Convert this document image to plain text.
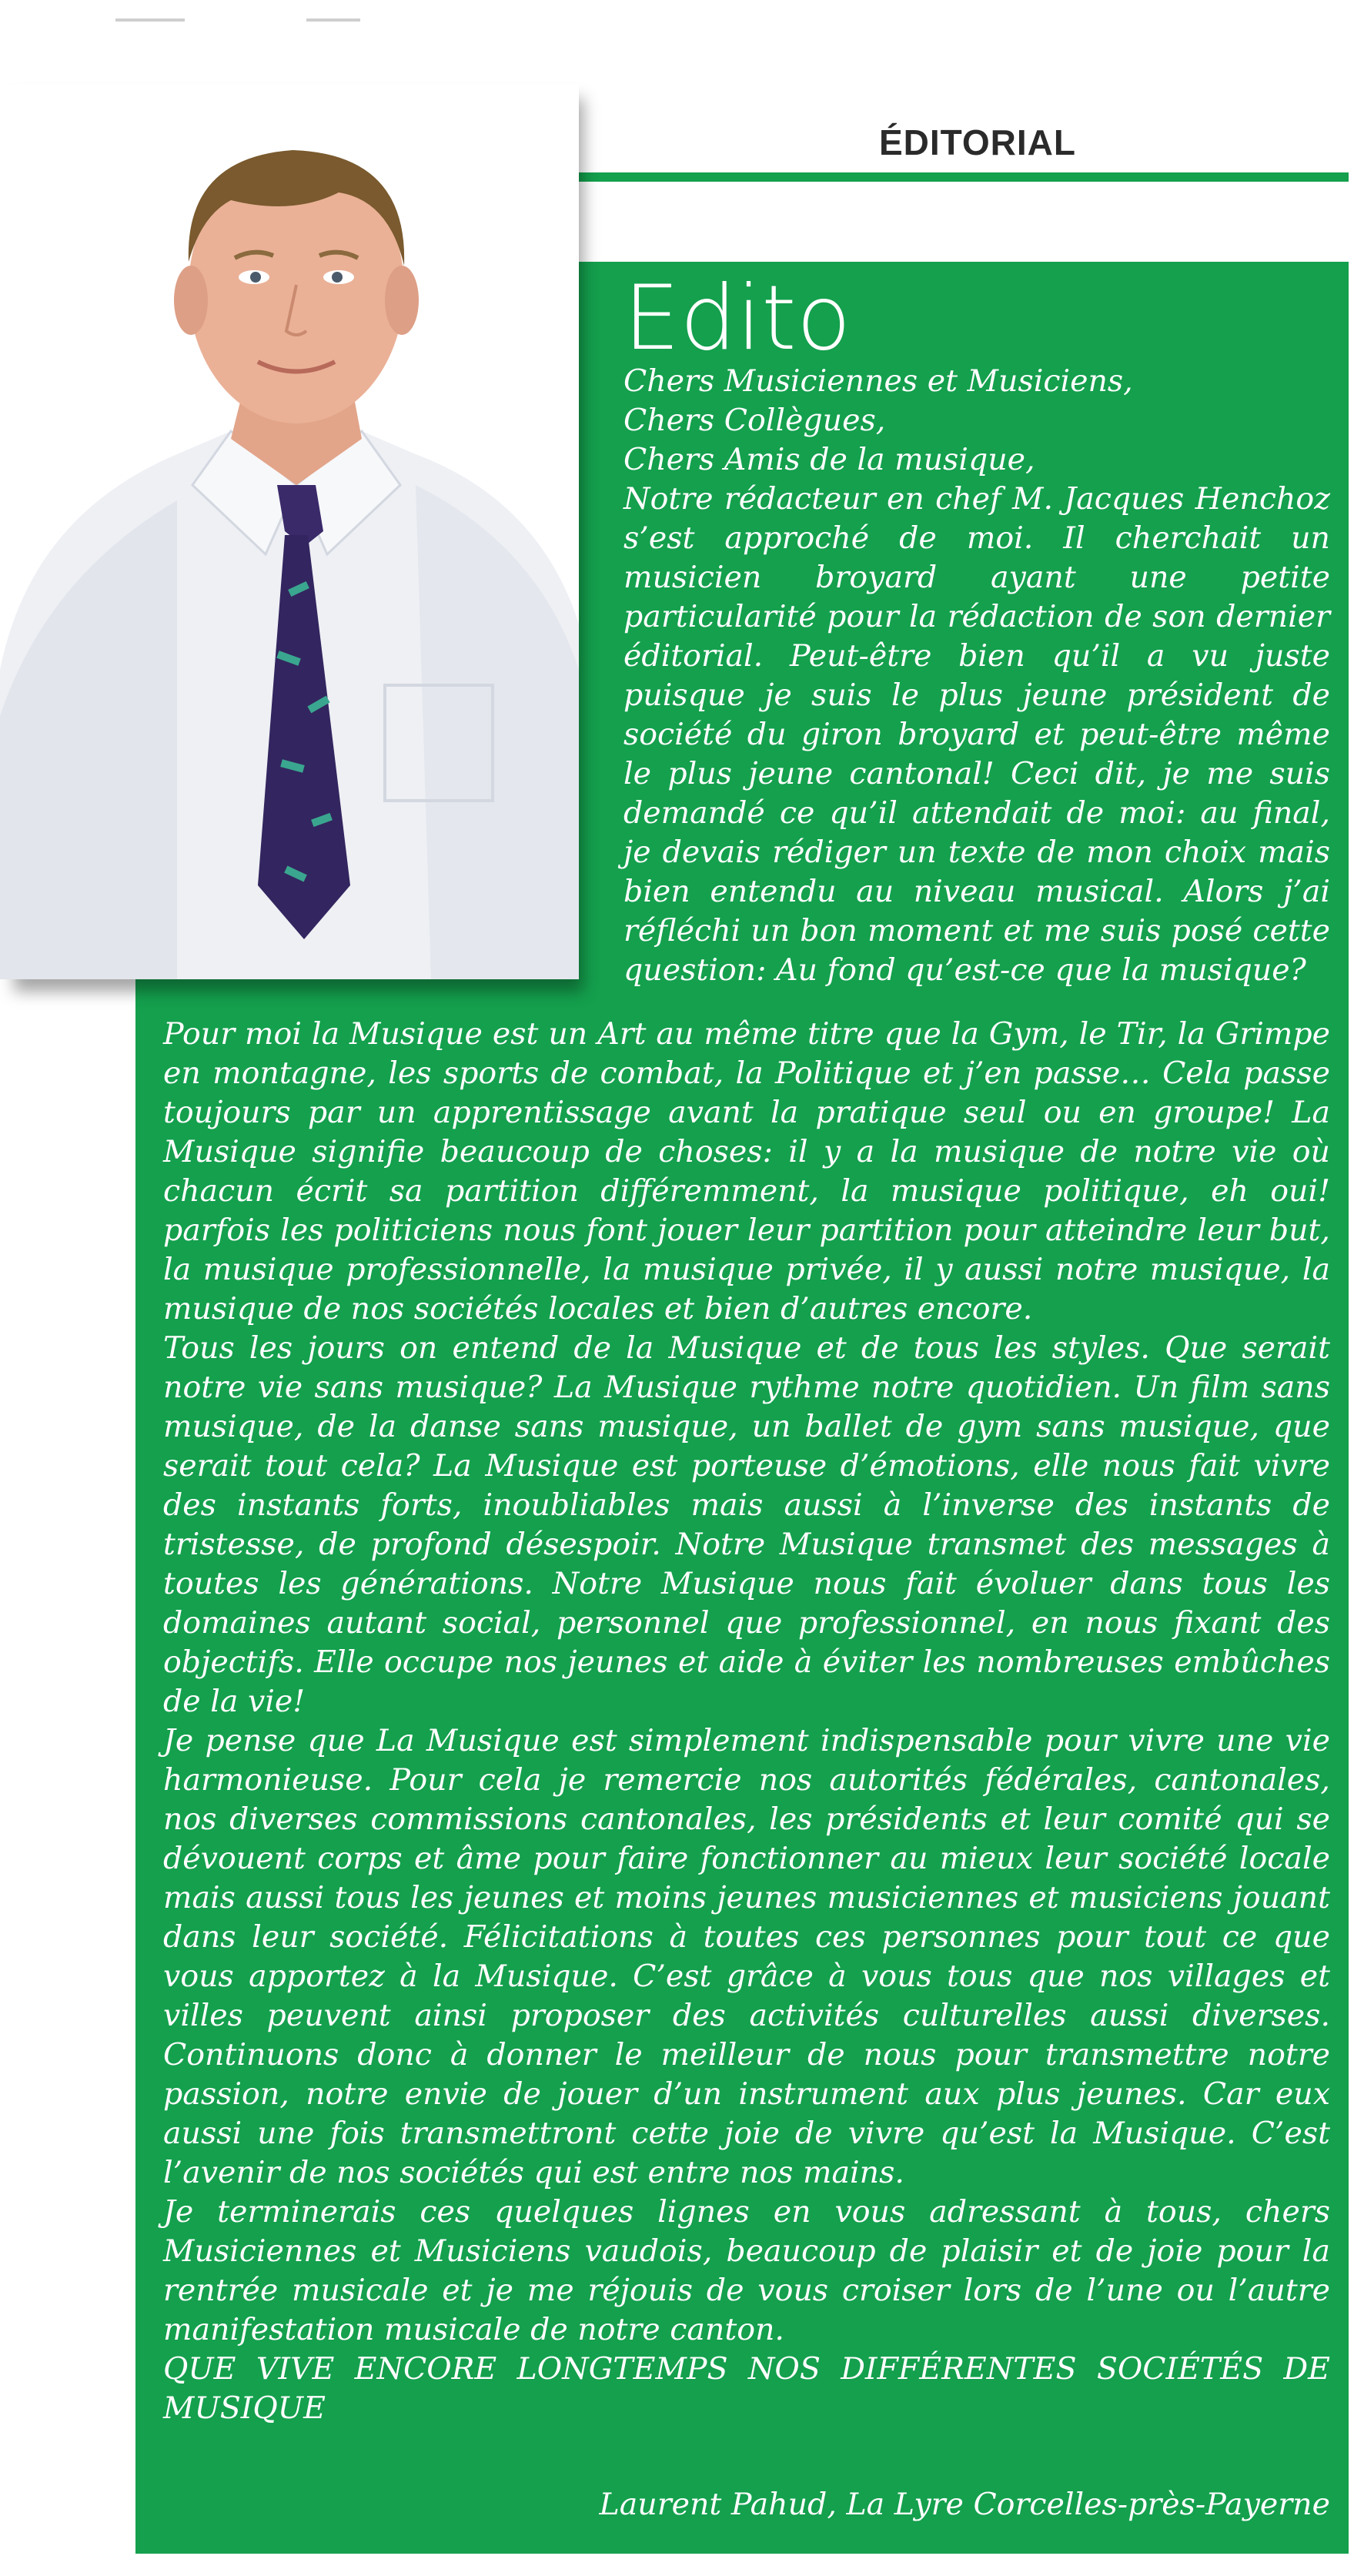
ÉDITORIAL
Edito
Chers Musiciennes et Musiciens,
Chers Collègues,
Chers Amis de la musique,

Notre rédacteur en chef M. Jacques Henchoz s’est approché de moi. Il cherchait un musicien broyard ayant une petite particularité pour la rédaction de son dernier éditorial. Peut-être bien qu’il a vu juste puisque je suis le plus jeune président de société du giron broyard et peut-être même le plus jeune cantonal! Ceci dit, je me suis demandé ce qu’il attendait de moi: au final, je devais rédiger un texte de mon choix mais bien entendu au niveau musical. Alors j’ai réfléchi un bon moment et me suis posé cette question: Au fond qu’est-ce que la musique?

Pour moi la Musique est un Art au même titre que la Gym, le Tir, la Grimpe en montagne, les sports de combat, la Politique et j’en passe… Cela passe toujours par un apprentissage avant la pratique seul ou en groupe! La Musique signifie beaucoup de choses: il y a la musique de notre vie où chacun écrit sa partition différemment, la musique politique, eh oui! parfois les politiciens nous font jouer leur partition pour atteindre leur but, la musique professionnelle, la musique privée, il y aussi notre musique, la musique de nos sociétés locales et bien d’autres encore.

Tous les jours on entend de la Musique et de tous les styles. Que serait notre vie sans musique? La Musique rythme notre quotidien. Un film sans musique, de la danse sans musique, un ballet de gym sans musique, que serait tout cela? La Musique est porteuse d’émotions, elle nous fait vivre des instants forts, inoubliables mais aussi à l’inverse des instants de tristesse, de profond désespoir. Notre Musique transmet des messages à toutes les générations. Notre Musique nous fait évoluer dans tous les domaines autant social, personnel que professionnel, en nous fixant des objectifs. Elle occupe nos jeunes et aide à éviter les nombreuses embûches de la vie!

Je pense que La Musique est simplement indispensable pour vivre une vie harmonieuse. Pour cela je remercie nos autorités fédérales, cantonales, nos diverses commissions cantonales, les présidents et leur comité qui se dévouent corps et âme pour faire fonctionner au mieux leur société locale mais aussi tous les jeunes et moins jeunes musiciennes et musiciens jouant dans leur société. Félicitations à toutes ces personnes pour tout ce que vous apportez à la Musique. C’est grâce à vous tous que nos villages et villes peuvent ainsi proposer des activités culturelles aussi diverses. Continuons donc à donner le meilleur de nous pour transmettre notre passion, notre envie de jouer d’un instrument aux plus jeunes. Car eux aussi une fois transmettront cette joie de vivre qu’est la Musique. C’est l’avenir de nos sociétés qui est entre nos mains.

Je terminerais ces quelques lignes en vous adressant à tous, chers Musiciennes et Musiciens vaudois, beaucoup de plaisir et de joie pour la rentrée musicale et je me réjouis de vous croiser lors de l’une ou l’autre manifestation musicale de notre canton.

QUE VIVE ENCORE LONGTEMPS NOS DIFFÉRENTES SOCIÉTÉS DE MUSIQUE

Laurent Pahud, La Lyre Corcelles-près-Payerne
